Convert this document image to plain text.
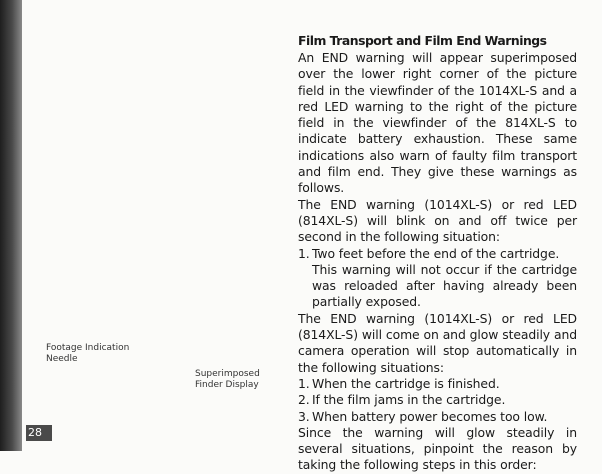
Footage Indication
Needle
Superimposed
Finder Display
28
Film Transport and Film End Warnings

An END warning will appear superimposed over the lower right corner of the picture field in the viewfinder of the 1014XL-S and a red LED warning to the right of the picture field in the viewfinder of the 814XL-S to indicate battery exhaustion. These same indications also warn of faulty film transport and film end. They give these warnings as follows.

The END warning (1014XL-S) or red LED (814XL-S) will blink on and off twice per second in the following situation:

1. Two feet before the end of the cartridge.

This warning will not occur if the cartridge was reloaded after having already been partially exposed.

The END warning (1014XL-S) or red LED (814XL-S) will come on and glow steadily and camera operation will stop automatically in the following situations:

1. When the cartridge is finished.
2. If the film jams in the cartridge.
3. When battery power becomes too low.

Since the warning will glow steadily in several situations, pinpoint the reason by taking the following steps in this order:
